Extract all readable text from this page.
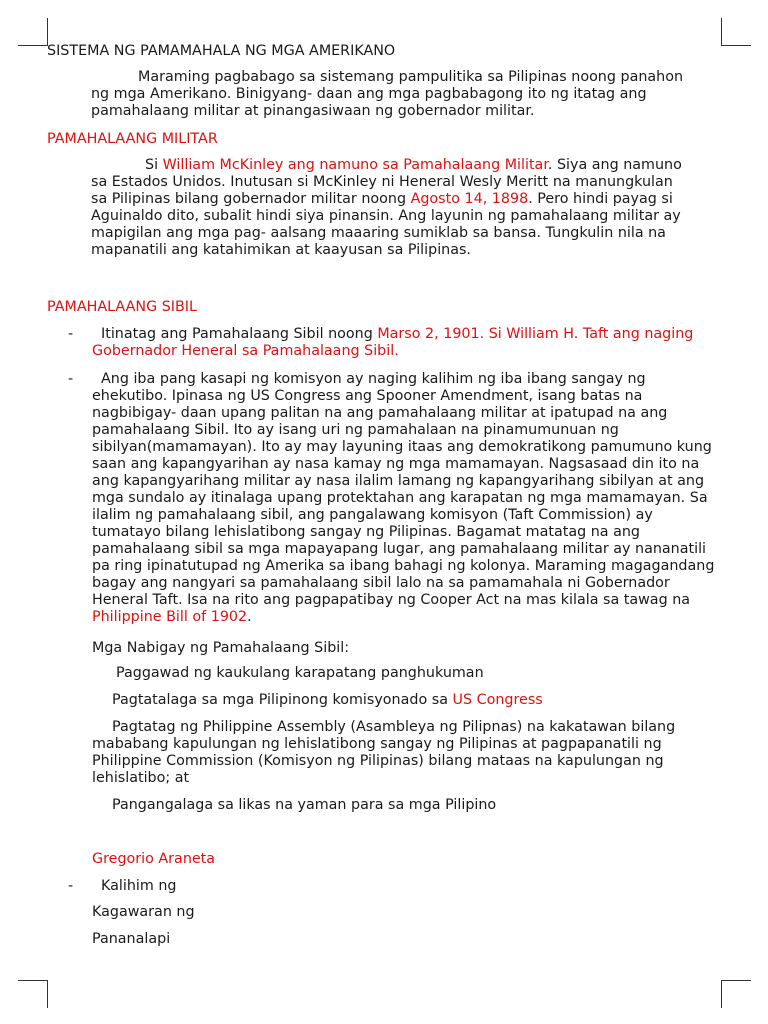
SISTEMA NG PAMAMAHALA NG MGA AMERIKANO

Maraming pagbabago sa sistemang pampulitika sa Pilipinas noong panahon ng mga Amerikano. Binigyang- daan ang mga pagbabagong ito ng itatag ang pamahalaang militar at pinangasiwaan ng gobernador militar.

PAMAHALAANG MILITAR

Si William McKinley ang namuno sa Pamahalaang Militar. Siya ang namuno sa Estados Unidos. Inutusan si McKinley ni Heneral Wesly Meritt na manungkulan sa Pilipinas bilang gobernador militar noong Agosto 14, 1898. Pero hindi payag si Aguinaldo dito, subalit hindi siya pinansin. Ang layunin ng pamahalaang militar ay mapigilan ang mga pag- aalsang maaaring sumiklab sa bansa. Tungkulin nila na mapanatili ang katahimikan at kaayusan sa Pilipinas.

PAMAHALAANG SIBIL
-	Itinatag ang Pamahalaang Sibil noong Marso 2, 1901. Si William H. Taft ang naging Gobernador Heneral sa Pamahalaang Sibil.

-	Ang iba pang kasapi ng komisyon ay naging kalihim ng iba ibang sangay ng ehekutibo. Ipinasa ng US Congress ang Spooner Amendment, isang batas na nagbibigay- daan upang palitan na ang pamahalaang militar at ipatupad na ang pamahalaang Sibil. Ito ay isang uri ng pamahalaan na pinamumunuan ng sibilyan(mamamayan). Ito ay may layuning itaas ang demokratikong pamumuno kung saan ang kapangyarihan ay nasa kamay ng mga mamamayan. Nagsasaad din ito na ang kapangyarihang militar ay nasa ilalim lamang ng kapangyarihang sibilyan at ang mga sundalo ay itinalaga upang protektahan ang karapatan ng mga mamamayan. Sa ilalim ng pamahalaang sibil, ang pangalawang komisyon (Taft Commission) ay tumatayo bilang lehislatibong sangay ng Pilipinas. Bagamat matatag na ang pamahalaang sibil sa mga mapayapang lugar, ang pamahalaang militar ay nananatili pa ring ipinatutupad ng Amerika sa ibang bahagi ng kolonya. Maraming magagandang bagay ang nangyari sa pamahalaang sibil lalo na sa pamamahala ni Gobernador Heneral Taft. Isa na rito ang pagpapatibay ng Cooper Act na mas kilala sa tawag na Philippine Bill of 1902.

Mga Nabigay ng Pamahalaang Sibil:
Paggawad ng kaukulang karapatang panghukuman
Pagtatalaga sa mga Pilipinong komisyonado sa US Congress

Pagtatag ng Philippine Assembly (Asambleya ng Pilipnas) na kakatawan bilang mababang kapulungan ng lehislatibong sangay ng Pilipinas at pagpapanatili ng Philippine Commission (Komisyon ng Pilipinas) bilang mataas na kapulungan ng lehislatibo; at

Pangangalaga sa likas na yaman para sa mga Pilipino
Gregorio Araneta
- Kalihim ng
Kagawaran ng
Pananalapi
